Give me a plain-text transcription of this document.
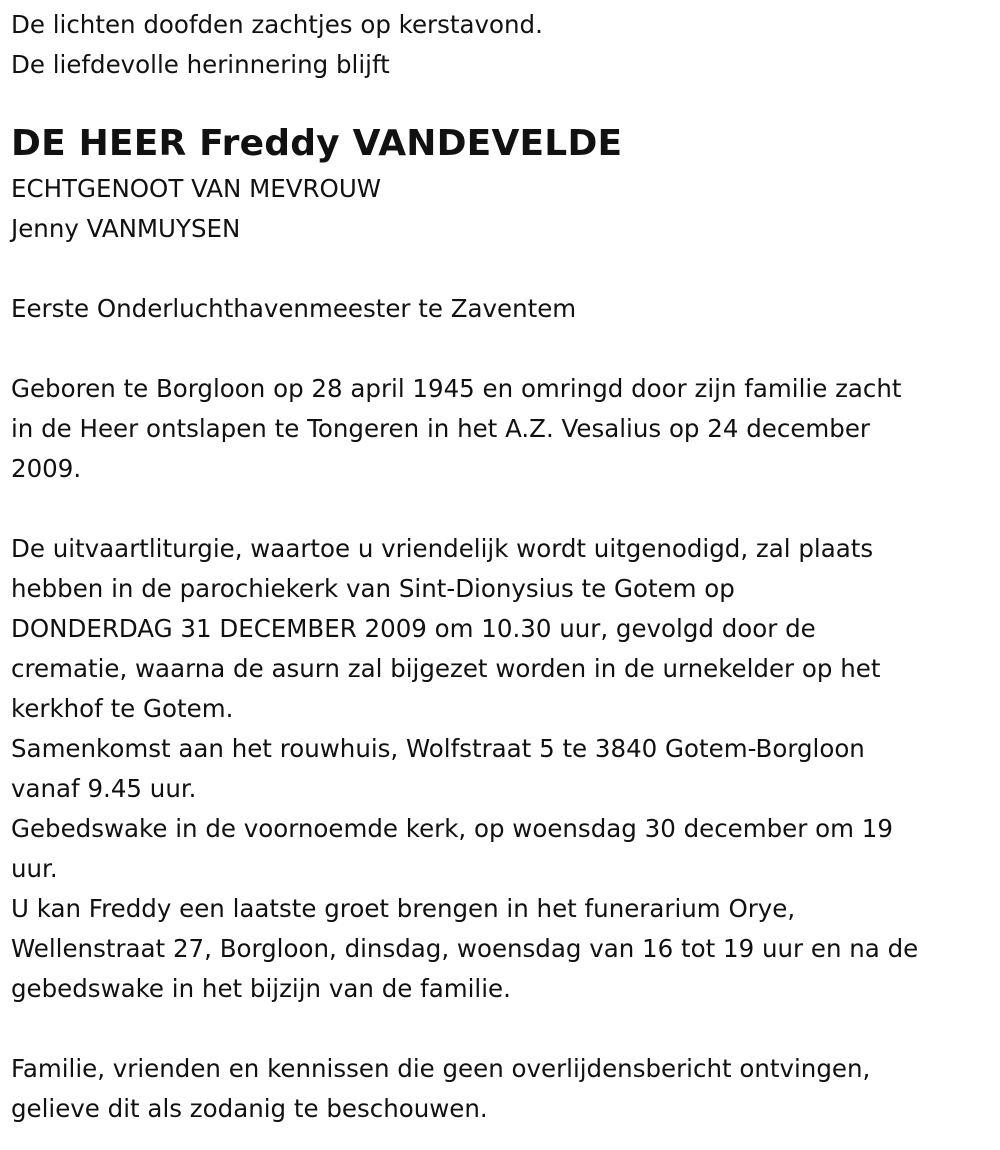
De lichten doofden zachtjes op kerstavond.
De liefdevolle herinnering blijft
DE HEER Freddy VANDEVELDE
ECHTGENOOT VAN MEVROUW
Jenny VANMUYSEN
Eerste Onderluchthavenmeester te Zaventem
Geboren te Borgloon op 28 april 1945 en omringd door zijn familie zacht
in de Heer ontslapen te Tongeren in het A.Z. Vesalius op 24 december
2009.
De uitvaartliturgie, waartoe u vriendelijk wordt uitgenodigd, zal plaats
hebben in de parochiekerk van Sint-Dionysius te Gotem op
DONDERDAG 31 DECEMBER 2009 om 10.30 uur, gevolgd door de
crematie, waarna de asurn zal bijgezet worden in de urnekelder op het
kerkhof te Gotem.
Samenkomst aan het rouwhuis, Wolfstraat 5 te 3840 Gotem-Borgloon
vanaf 9.45 uur.
Gebedswake in de voornoemde kerk, op woensdag 30 december om 19
uur.
U kan Freddy een laatste groet brengen in het funerarium Orye,
Wellenstraat 27, Borgloon, dinsdag, woensdag van 16 tot 19 uur en na de
gebedswake in het bijzijn van de familie.
Familie, vrienden en kennissen die geen overlijdensbericht ontvingen,
gelieve dit als zodanig te beschouwen.
